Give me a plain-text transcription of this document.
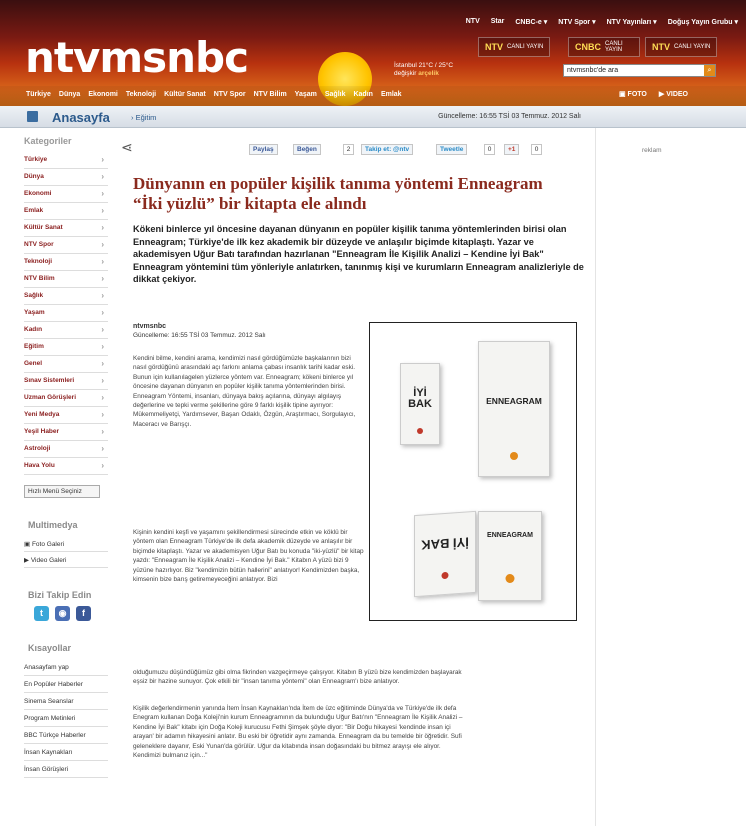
NTV Star CNBC-e ▾ NTV Spor ▾ NTV Yayınları ▾ Doğuş Yayın Grubu ▾
ntvmsnbc	İstanbul 21°C / 25°C
değişkir arçelik
NTV CANLI YAYIN	CNBC CANLI YAYIN	NTV CANLI YAYIN
ntvmsnbc'de ara	⌕
Türkiye Dünya Ekonomi Teknoloji Kültür Sanat NTV Spor NTV Bilim Yaşam Sağlık Kadın Emlak	▣ FOTO ▶ VIDEO
Anasayfa	› Eğitim	Güncelleme: 16:55 TSİ 03 Temmuz. 2012 Salı
Kategoriler
Türkiye ›
Dünya ›
Ekonomi ›
Emlak ›
Kültür Sanat ›
NTV Spor ›
Teknoloji ›
NTV Bilim ›
Sağlık ›
Yaşam ›
Kadın ›
Eğitim ›
Genel ›
Sınav Sistemleri ›
Uzman Görüşleri ›
Yeni Medya ›
Yeşil Haber ›
Astroloji ›
Hava Yolu ›
Hızlı Menü Seçiniz
Multimedya
▣ Foto Galeri
▶ Video Galeri
Bizi Takip Edin
t	◉	f
Kısayollar
Anasayfam yap
En Popüler Haberler
Sinema Seanslar
Program Metinleri
BBC Türkçe Haberler
İnsan Kaynakları
İnsan Görüşleri
⋖	Paylaş	Beğen	2	Takip et: @ntv	Tweetle	0	+1	0
Dünyanın en popüler kişilik tanıma yöntemi Enneagram “İki yüzlü” bir kitapta ele alındı

Kökeni binlerce yıl öncesine dayanan dünyanın en popüler kişilik tanıma yöntemlerinden birisi olan Enneagram; Türkiye'de ilk kez akademik bir düzeyde ve anlaşılır biçimde kitaplaştı. Yazar ve akademisyen Uğur Batı tarafından hazırlanan "Enneagram İle Kişilik Analizi – Kendine İyi Bak" Enneagram yöntemini tüm yönleriyle anlatırken, tanınmış kişi ve kurumların Enneagram analizleriyle de dikkat çekiyor.

ntvmsnbc
Güncelleme: 16:55 TSİ 03 Temmuz. 2012 Salı

Kendini bilme, kendini arama, kendimizi nasıl gördüğümüzle başkalarının bizi nasıl gördüğünü arasındaki açı farkını anlama çabası insanlık tarihi kadar eski. Bunun için kullanılagelen yüzlerce yöntem var. Enneagram; kökeni binlerce yıl öncesine dayanan dünyanın en popüler kişilik tanıma yöntemlerinden birisi. Enneagram Yöntemi, insanları, dünyaya bakış açılarına, dünyayı algılayış değerlerine ve tepki verme şekillerine göre 9 farklı kişilik tipine ayırıyor: Mükemmeliyetçi, Yardımsever, Başarı Odaklı, Özgün, Araştırmacı, Sorgulayıcı, Maceracı ve Barışçı.

Kişinin kendini keşfi ve yaşamını şekillendirmesi sürecinde etkin ve köklü bir yöntem olan Enneagram Türkiye'de ilk defa akademik düzeyde ve anlaşılır bir biçimde kitaplaştı. Yazar ve akademisyen Uğur Batı bu konuda "iki-yüzlü" bir kitap yazdı: "Enneagram İle Kişilik Analizi – Kendine İyi Bak." Kitabın A yüzü bizi 9 yüzüne hazırlıyor. Biz "kendimizin bütün hallerini" anlatıyor! Kendimizden başka, kimsenin bize barış getiremeyeceğini anlatıyor. Bizi

olduğumuzu düşündüğümüz gibi olma fikrinden vazgeçirmeye çalışıyor. Kitabın B yüzü bize kendimizden başlayarak eşsiz bir hazine sunuyor. Çok etkili bir "insan tanıma yöntemi" olan Enneagram'ı bize anlatıyor.

Kişilik değerlendirmenin yanında İtem İnsan Kaynakları'nda İtem de üzc eğitiminde Dünya'da ve Türkiye'de ilk defa Enegram kullanan Doğa Koleji'nin kurum Enneagramının da bulunduğu Uğur Batı'nın "Enneagram İle Kişilik Analizi – Kendine İyi Bak" kitabı için Doğa Koleji kurucusu Fethi Şimşek şöyle diyor: "Bir Doğu hikayesi 'kendinde insan içi arayan' bir adamın hikayesini anlatır. Bu eski bir öğretidir aynı zamanda. Enneagram da bu temelde bir öğretidir. Sufi geleneklere dayanır, Eski Yunan'da görülür. Uğur da kitabında insan doğasındaki bu bitmez arayışı ele alıyor. Kendimizi bulmanız için..."

İYİ BAK	ENNEAGRAM
İYİ BAK	ENNEAGRAM
reklam
